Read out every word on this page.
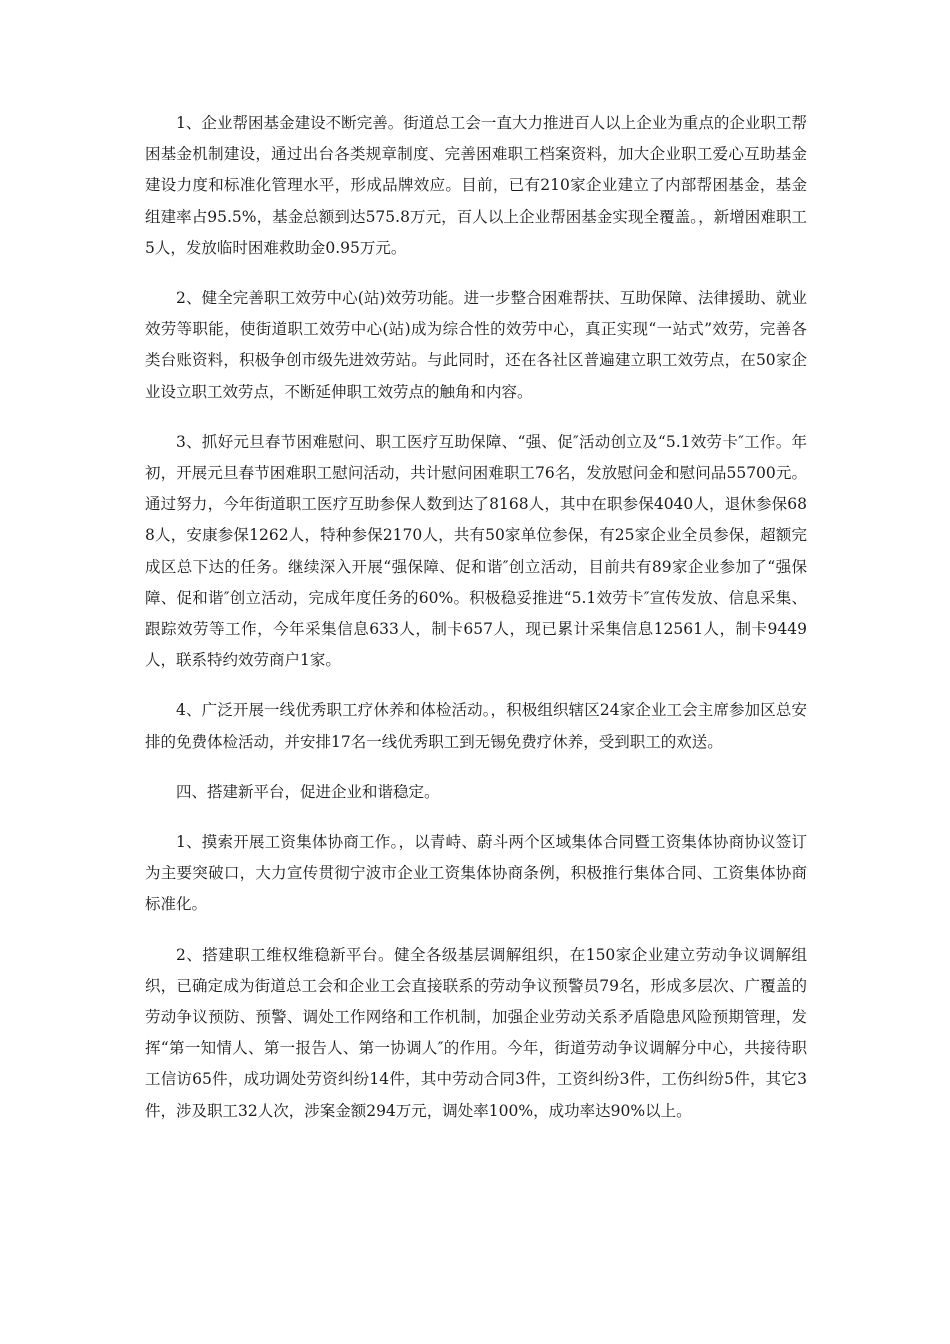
1、企业帮困基金建设不断完善。街道总工会一直大力推进百人以上企业为重点的企业职工帮困基金机制建设，通过出台各类规章制度、完善困难职工档案资料，加大企业职工爱心互助基金建设力度和标准化管理水平，形成品牌效应。目前，已有210家企业建立了内部帮困基金，基金组建率占95.5%，基金总额到达575.8万元，百人以上企业帮困基金实现全覆盖。，新增困难职工5人，发放临时困难救助金0.95万元。

2、健全完善职工效劳中心(站)效劳功能。进一步整合困难帮扶、互助保障、法律援助、就业效劳等职能，使街道职工效劳中心(站)成为综合性的效劳中心，真正实现“一站式”效劳，完善各类台账资料，积极争创市级先进效劳站。与此同时，还在各社区普遍建立职工效劳点，在50家企业设立职工效劳点，不断延伸职工效劳点的触角和内容。

3、抓好元旦春节困难慰问、职工医疗互助保障、“强、促″活动创立及“5.1效劳卡″工作。年初，开展元旦春节困难职工慰问活动，共计慰问困难职工76名，发放慰问金和慰问品55700元。通过努力，今年街道职工医疗互助参保人数到达了8168人，其中在职参保4040人，退休参保688人，安康参保1262人，特种参保2170人，共有50家单位参保，有25家企业全员参保，超额完成区总下达的任务。继续深入开展“强保障、促和谐″创立活动，目前共有89家企业参加了“强保障、促和谐″创立活动，完成年度任务的60%。积极稳妥推进“5.1效劳卡″宣传发放、信息采集、跟踪效劳等工作，今年采集信息633人，制卡657人，现已累计采集信息12561人，制卡9449人，联系特约效劳商户1家。

4、广泛开展一线优秀职工疗休养和体检活动。，积极组织辖区24家企业工会主席参加区总安排的免费体检活动，并安排17名一线优秀职工到无锡免费疗休养，受到职工的欢送。

四、搭建新平台，促进企业和谐稳定。

1、摸索开展工资集体协商工作。，以青峙、蔚斗两个区域集体合同暨工资集体协商协议签订为主要突破口，大力宣传贯彻宁波市企业工资集体协商条例，积极推行集体合同、工资集体协商标准化。

2、搭建职工维权维稳新平台。健全各级基层调解组织，在150家企业建立劳动争议调解组织，已确定成为街道总工会和企业工会直接联系的劳动争议预警员79名，形成多层次、广覆盖的劳动争议预防、预警、调处工作网络和工作机制，加强企业劳动关系矛盾隐患风险预期管理，发挥“第一知情人、第一报告人、第一协调人″的作用。今年，街道劳动争议调解分中心，共接待职工信访65件，成功调处劳资纠纷14件，其中劳动合同3件，工资纠纷3件，工伤纠纷5件，其它3件，涉及职工32人次，涉案金额294万元，调处率100%，成功率达90%以上。
